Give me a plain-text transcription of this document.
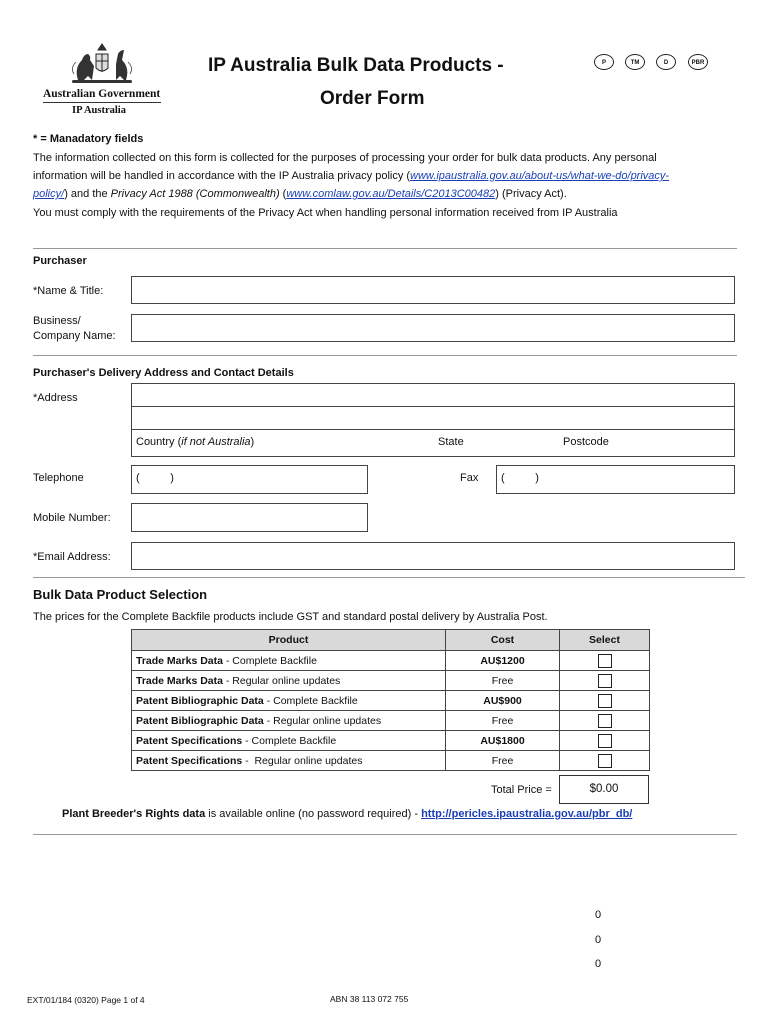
Australian Government
IP Australia
IP Australia Bulk Data Products -
Order Form
P	TM	D	PBR
* = Manadatory fields
The information collected on this form is collected for the purposes of processing your order for bulk data products. Any personal
information will be handled in accordance with the IP Australia privacy policy (www.ipaustralia.gov.au/about-us/what-we-do/privacy-
policy/) and the Privacy Act 1988 (Commonwealth) (www.comlaw.gov.au/Details/C2013C00482) (Privacy Act).
You must comply with the requirements of the Privacy Act when handling personal information received from IP Australia
Purchaser
*Name & Title:
Business/
Company Name:
Purchaser's Delivery Address and Contact Details
*Address
Country (if not Australia)	State	Postcode
Telephone	(          )	Fax (          )
Mobile Number:
*Email Address:
Bulk Data Product Selection
The prices for the Complete Backfile products include GST and standard postal delivery by Australia Post.
Product	Cost	Select
Trade Marks Data - Complete Backfile	AU$1200	
Trade Marks Data - Regular online updates	Free	
Patent Bibliographic Data - Complete Backfile	AU$900	
Patent Bibliographic Data - Regular online updates	Free	
Patent Specifications - Complete Backfile	AU$1800	
Patent Specifications -  Regular online updates	Free	
Total Price =	$0.00
Plant Breeder's Rights data is available online (no password required) - http://pericles.ipaustralia.gov.au/pbr_db/
0
0
0
EXT/01/184 (0320) Page 1 of 4	ABN 38 113 072 755
